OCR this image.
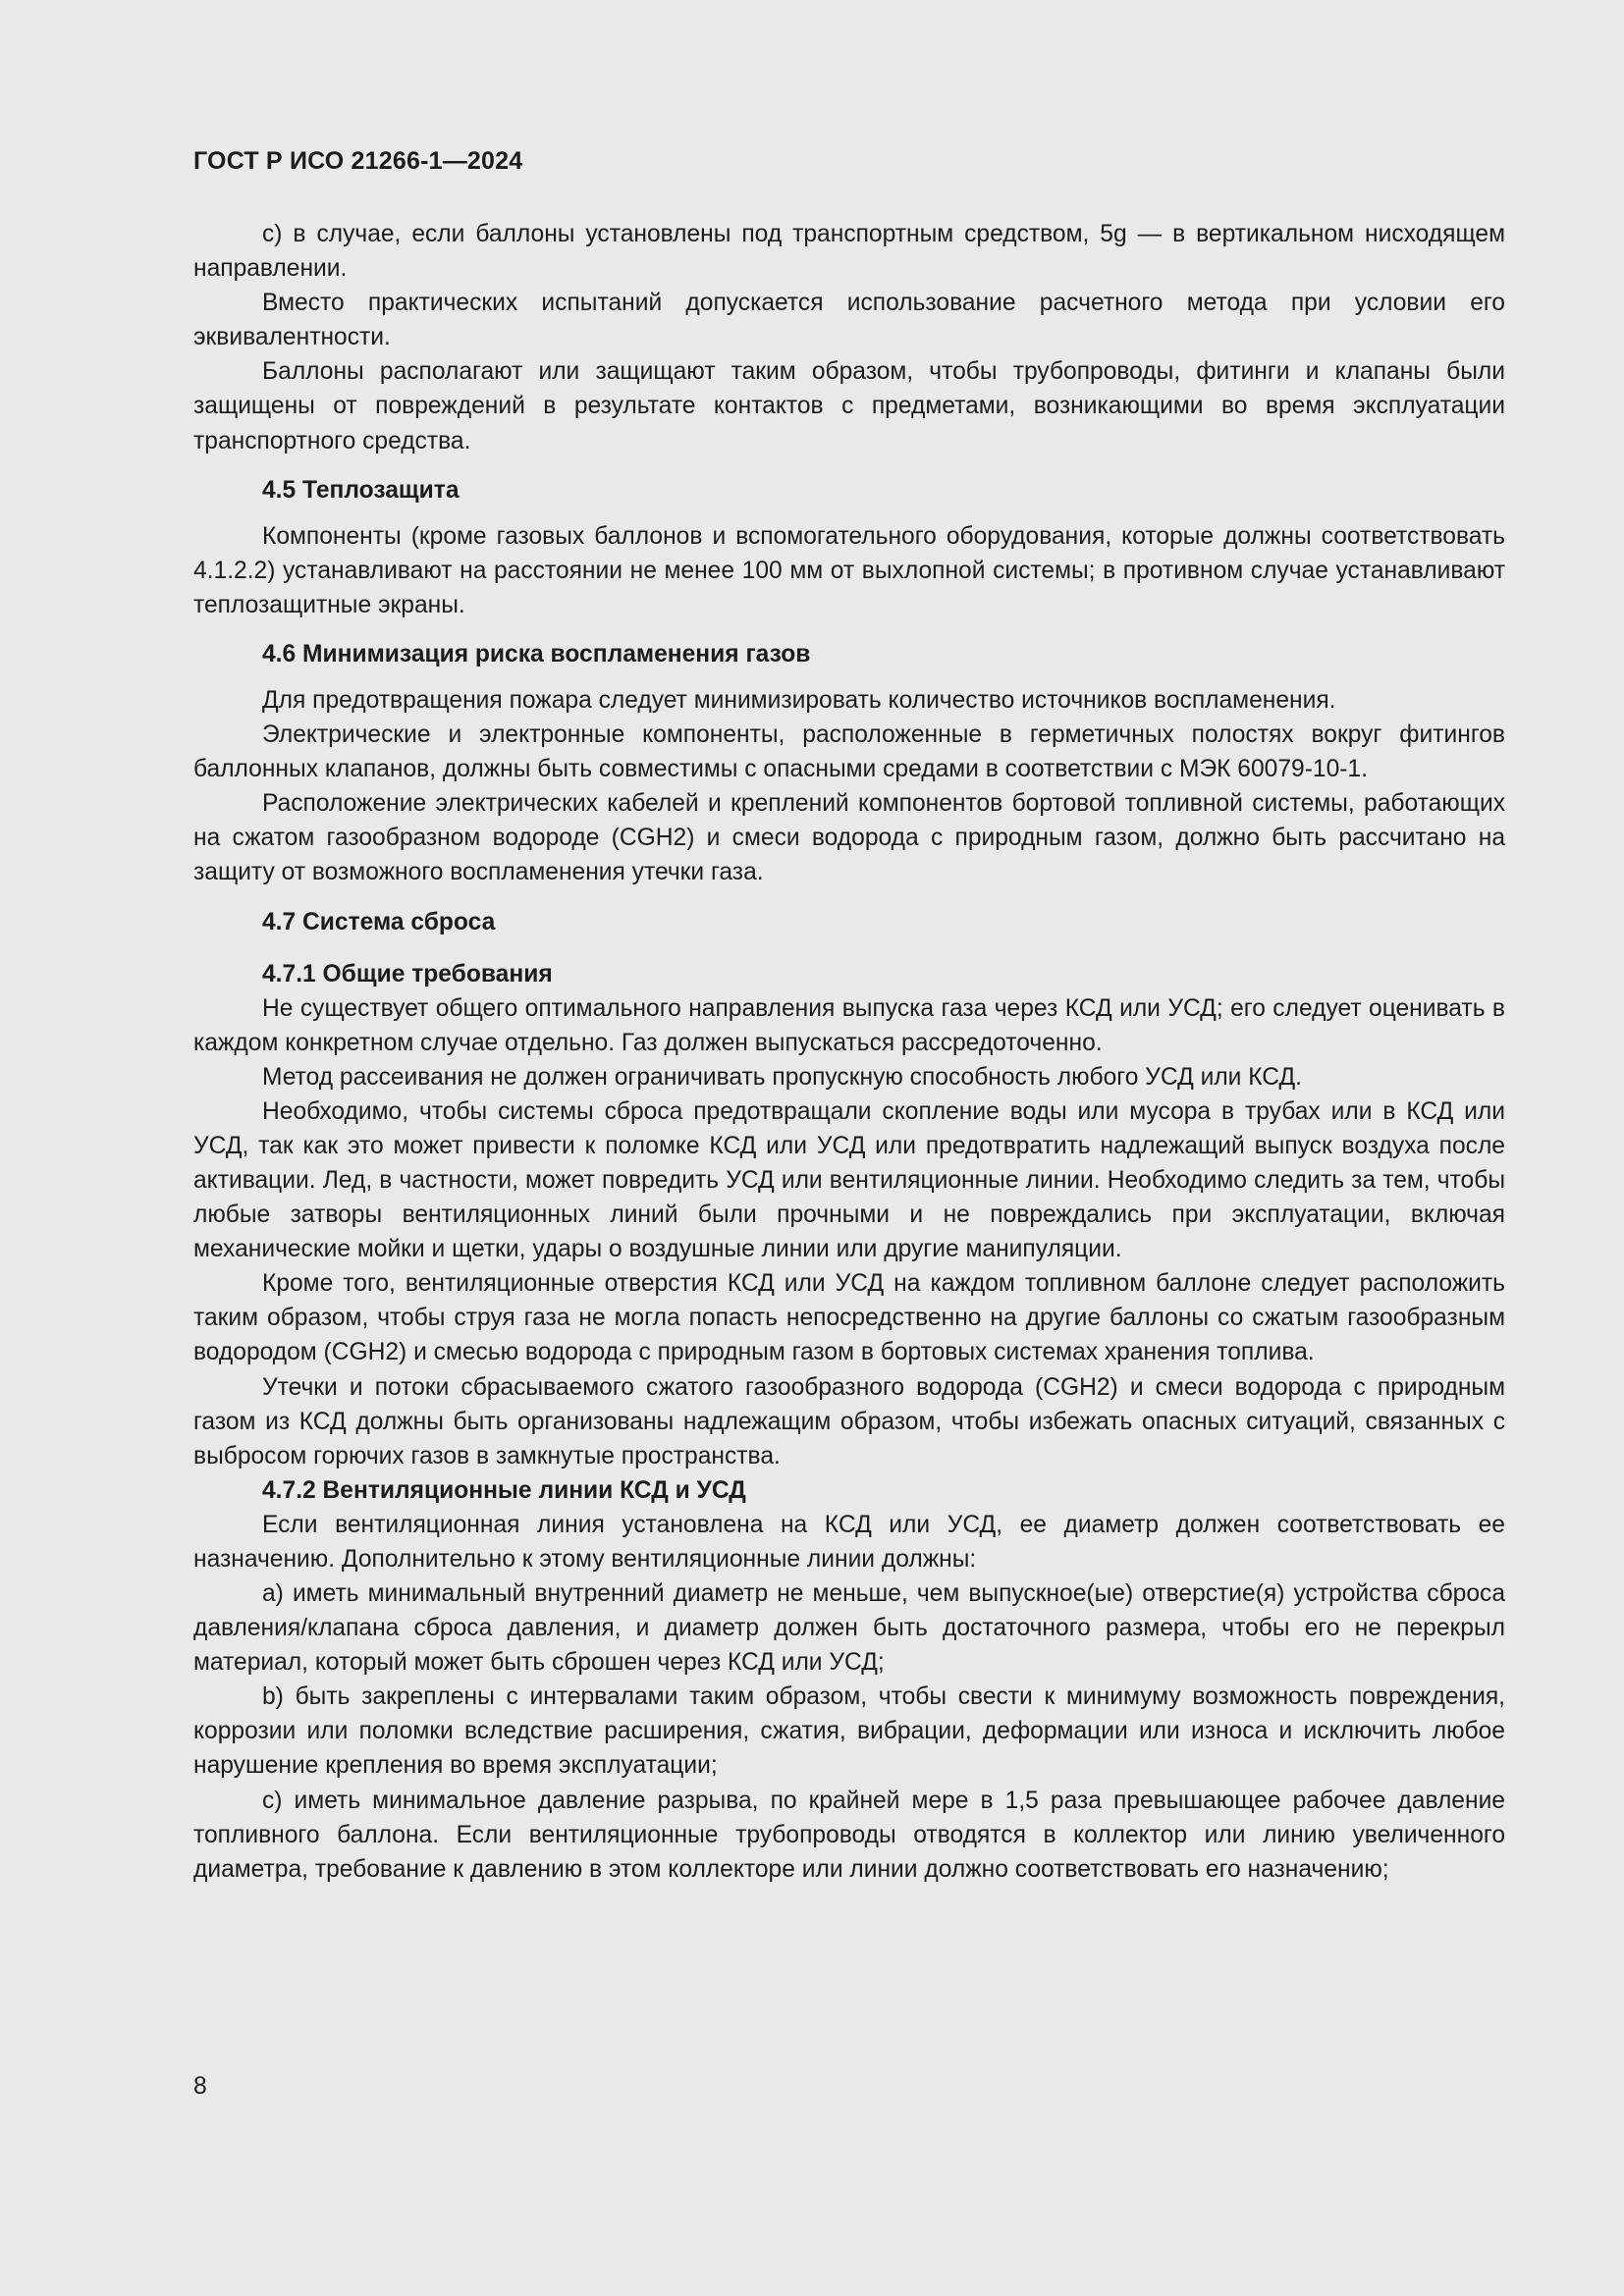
ГОСТ Р ИСО 21266-1—2024

с) в случае, если баллоны установлены под транспортным средством, 5g — в вертикальном нисходящем направлении.

Вместо практических испытаний допускается использование расчетного метода при условии его эквивалентности.

Баллоны располагают или защищают таким образом, чтобы трубопроводы, фитинги и клапаны были защищены от повреждений в результате контактов с предметами, возникающими во время эксплуатации транспортного средства.

4.5 Теплозащита

Компоненты (кроме газовых баллонов и вспомогательного оборудования, которые должны соответствовать 4.1.2.2) устанавливают на расстоянии не менее 100 мм от выхлопной системы; в противном случае устанавливают теплозащитные экраны.

4.6 Минимизация риска воспламенения газов

Для предотвращения пожара следует минимизировать количество источников воспламенения.

Электрические и электронные компоненты, расположенные в герметичных полостях вокруг фитингов баллонных клапанов, должны быть совместимы с опасными средами в соответствии с МЭК 60079-10-1.

Расположение электрических кабелей и креплений компонентов бортовой топливной системы, работающих на сжатом газообразном водороде (CGH2) и смеси водорода с природным газом, должно быть рассчитано на защиту от возможного воспламенения утечки газа.

4.7 Система сброса
4.7.1 Общие требования

Не существует общего оптимального направления выпуска газа через КСД или УСД; его следует оценивать в каждом конкретном случае отдельно. Газ должен выпускаться рассредоточенно.

Метод рассеивания не должен ограничивать пропускную способность любого УСД или КСД.

Необходимо, чтобы системы сброса предотвращали скопление воды или мусора в трубах или в КСД или УСД, так как это может привести к поломке КСД или УСД или предотвратить надлежащий выпуск воздуха после активации. Лед, в частности, может повредить УСД или вентиляционные линии. Необходимо следить за тем, чтобы любые затворы вентиляционных линий были прочными и не повреждались при эксплуатации, включая механические мойки и щетки, удары о воздушные линии или другие манипуляции.

Кроме того, вентиляционные отверстия КСД или УСД на каждом топливном баллоне следует расположить таким образом, чтобы струя газа не могла попасть непосредственно на другие баллоны со сжатым газообразным водородом (CGH2) и смесью водорода с природным газом в бортовых системах хранения топлива.

Утечки и потоки сбрасываемого сжатого газообразного водорода (CGH2) и смеси водорода с природным газом из КСД должны быть организованы надлежащим образом, чтобы избежать опасных ситуаций, связанных с выбросом горючих газов в замкнутые пространства.

4.7.2 Вентиляционные линии КСД и УСД

Если вентиляционная линия установлена на КСД или УСД, ее диаметр должен соответствовать ее назначению. Дополнительно к этому вентиляционные линии должны:

a) иметь минимальный внутренний диаметр не меньше, чем выпускное(ые) отверстие(я) устройства сброса давления/клапана сброса давления, и диаметр должен быть достаточного размера, чтобы его не перекрыл материал, который может быть сброшен через КСД или УСД;

b) быть закреплены с интервалами таким образом, чтобы свести к минимуму возможность повреждения, коррозии или поломки вследствие расширения, сжатия, вибрации, деформации или износа и исключить любое нарушение крепления во время эксплуатации;

c) иметь минимальное давление разрыва, по крайней мере в 1,5 раза превышающее рабочее давление топливного баллона. Если вентиляционные трубопроводы отводятся в коллектор или линию увеличенного диаметра, требование к давлению в этом коллекторе или линии должно соответствовать его назначению;

8
